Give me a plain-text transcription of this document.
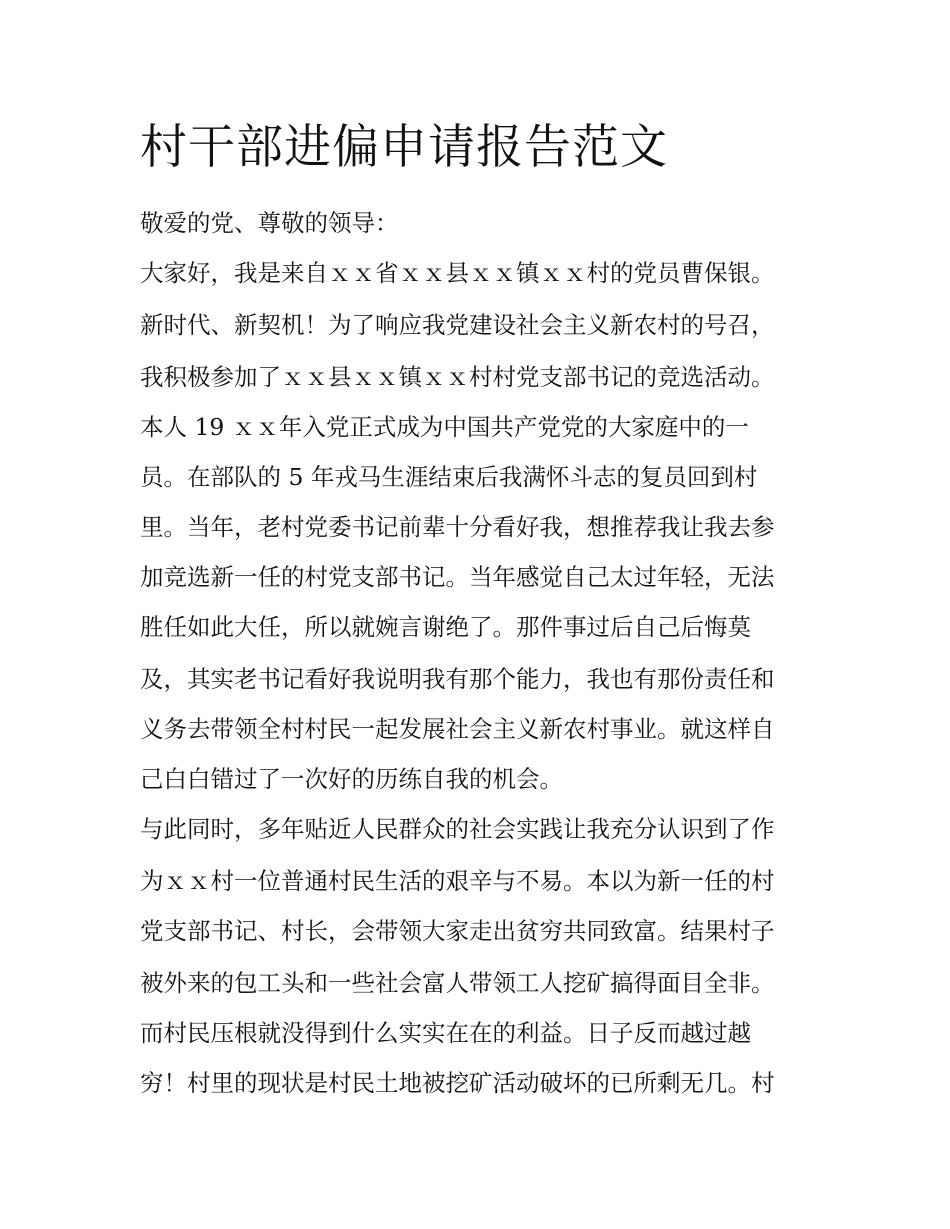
村干部进偏申请报告范文

敬爱的党、尊敬的领导：

大家好，我是来自ｘｘ省ｘｘ县ｘｘ镇ｘｘ村的党员曹保银。

新时代、新契机！为了响应我党建设社会主义新农村的号召，

我积极参加了ｘｘ县ｘｘ镇ｘｘ村村党支部书记的竞选活动。

本人 19 ｘｘ年入党正式成为中国共产党党的大家庭中的一

员。在部队的 5 年戎马生涯结束后我满怀斗志的复员回到村

里。当年，老村党委书记前辈十分看好我，想推荐我让我去参

加竞选新一任的村党支部书记。当年感觉自己太过年轻，无法

胜任如此大任，所以就婉言谢绝了。那件事过后自己后悔莫

及，其实老书记看好我说明我有那个能力，我也有那份责任和

义务去带领全村村民一起发展社会主义新农村事业。就这样自

己白白错过了一次好的历练自我的机会。

与此同时，多年贴近人民群众的社会实践让我充分认识到了作

为ｘｘ村一位普通村民生活的艰辛与不易。本以为新一任的村

党支部书记、村长，会带领大家走出贫穷共同致富。结果村子

被外来的包工头和一些社会富人带领工人挖矿搞得面目全非。

而村民压根就没得到什么实实在在的利益。日子反而越过越

穷！村里的现状是村民土地被挖矿活动破坏的已所剩无几。村
